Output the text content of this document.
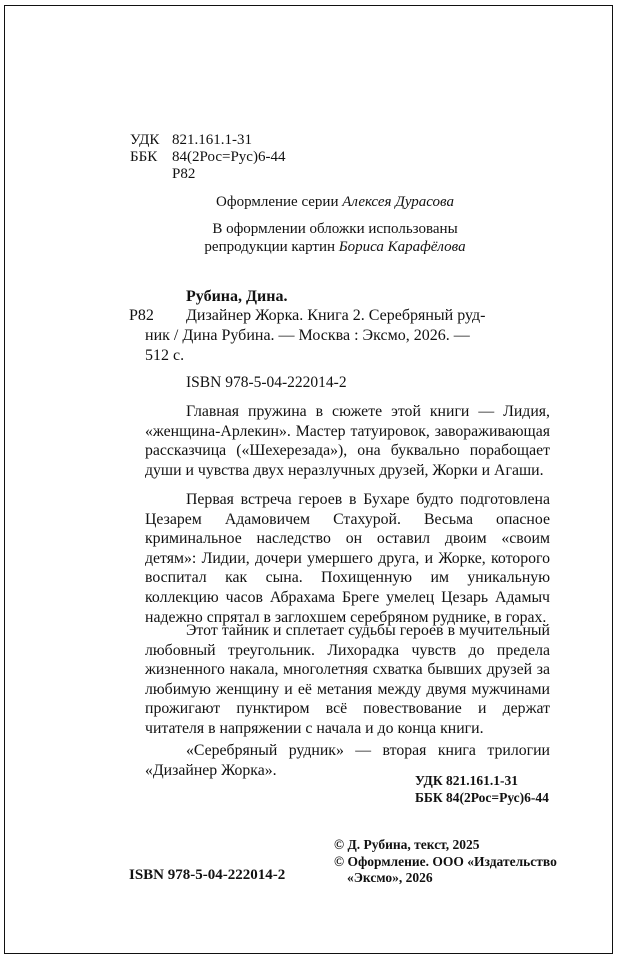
УДК 821.161.1-31
ББК 84(2Рос=Рус)6-44
Р82
Оформление серии Алексея Дурасова
В оформлении обложки использованы
репродукции картин Бориса Карафёлова
Рубина, Дина.
Р82 Дизайнер Жорка. Книга 2. Серебряный руд-
ник / Дина Рубина. — Москва : Эксмо, 2026. —
512 с.
ISBN 978-5-04-222014-2
Главная пружина в сюжете этой книги — Лидия, «женщина-Арлекин». Мастер татуировок, завораживающая рассказчица («Шехерезада»), она буквально порабощает души и чувства двух неразлучных друзей, Жорки и Агаши.
Первая встреча героев в Бухаре будто подготовлена Цезарем Адамовичем Стахурой. Весьма опасное криминальное наследство он оставил двоим «своим детям»: Лидии, дочери умершего друга, и Жорке, которого воспитал как сына. Похищенную им уникальную коллекцию часов Абрахама Бреге умелец Цезарь Адамыч надежно спрятал в заглохшем серебряном руднике, в горах.
Этот тайник и сплетает судьбы героев в мучительный любовный треугольник. Лихорадка чувств до предела жизненного накала, многолетняя схватка бывших друзей за любимую женщину и её метания между двумя мужчинами прожигают пунктиром всё повествование и держат читателя в напряжении с начала и до конца книги.
«Серебряный рудник» — вторая книга трилогии «Дизайнер Жорка».
УДК 821.161.1-31
ББК 84(2Рос=Рус)6-44
© Д. Рубина, текст, 2025
© Оформление. ООО «Издательство
«Эксмо», 2026
ISBN 978-5-04-222014-2
